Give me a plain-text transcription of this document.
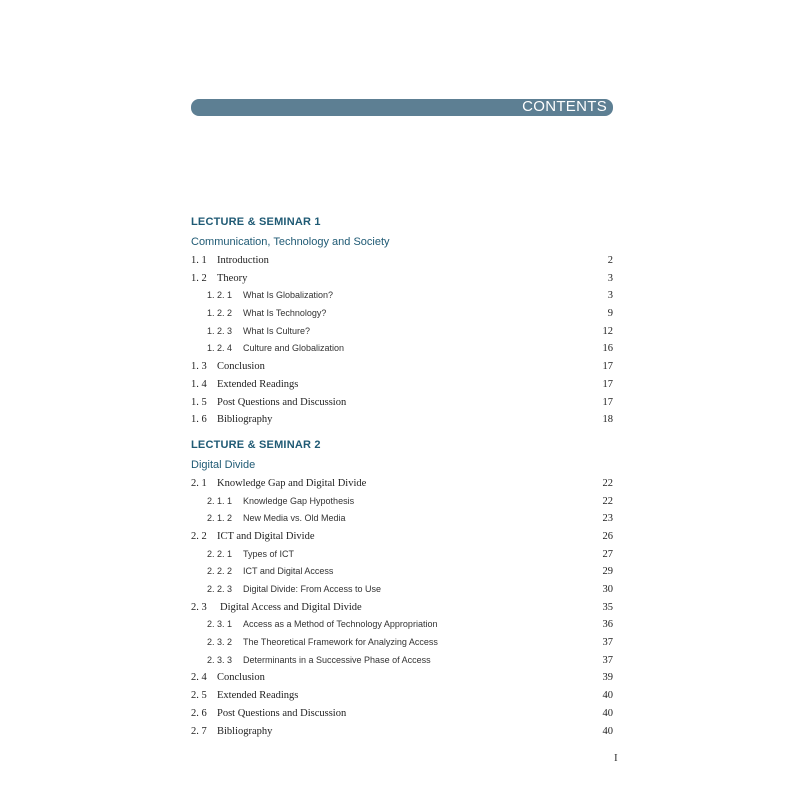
CONTENTS
LECTURE & SEMINAR 1
Communication, Technology and Society
1. 1 Introduction	2
1. 2 Theory	3
1. 2. 1 What Is Globalization?	3
1. 2. 2 What Is Technology?	9
1. 2. 3 What Is Culture?	12
1. 2. 4 Culture and Globalization	16
1. 3 Conclusion	17
1. 4 Extended Readings	17
1. 5 Post Questions and Discussion	17
1. 6 Bibliography	18
LECTURE & SEMINAR 2
Digital Divide
2. 1 Knowledge Gap and Digital Divide	22
2. 1. 1 Knowledge Gap Hypothesis	22
2. 1. 2 New Media vs. Old Media	23
2. 2 ICT and Digital Divide	26
2. 2. 1 Types of ICT	27
2. 2. 2 ICT and Digital Access	29
2. 2. 3 Digital Divide: From Access to Use	30
2. 3 Digital Access and Digital Divide	35
2. 3. 1 Access as a Method of Technology Appropriation	36
2. 3. 2 The Theoretical Framework for Analyzing Access	37
2. 3. 3 Determinants in a Successive Phase of Access	37
2. 4 Conclusion	39
2. 5 Extended Readings	40
2. 6 Post Questions and Discussion	40
2. 7 Bibliography	40
I
